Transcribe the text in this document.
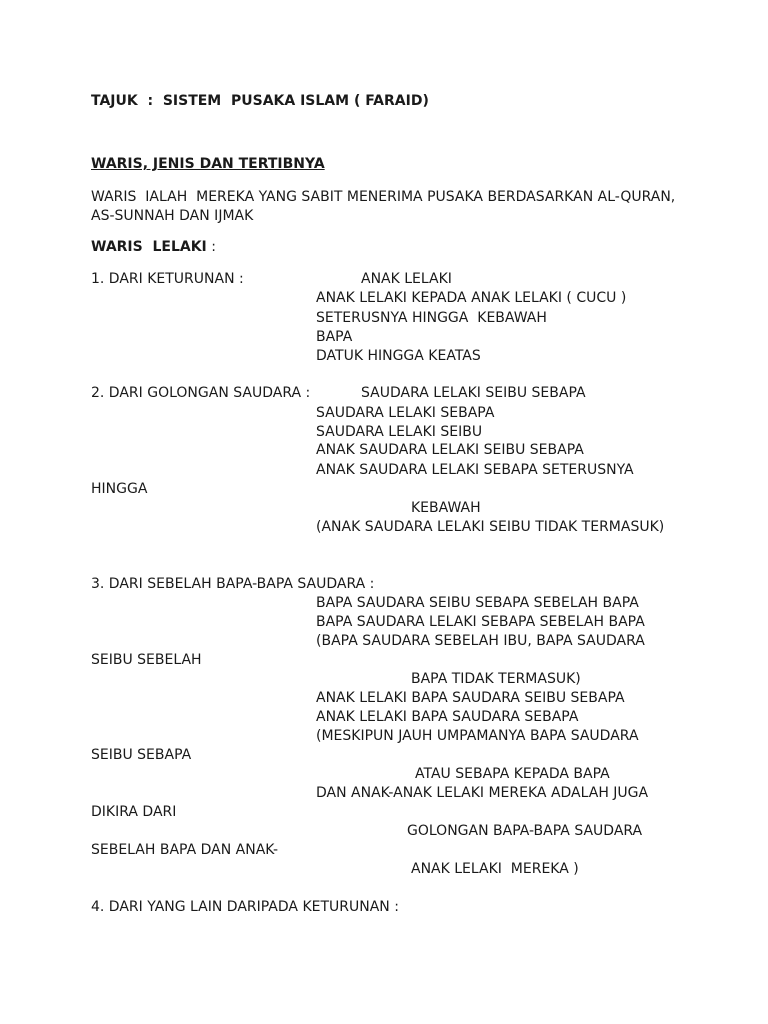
TAJUK  :  SISTEM  PUSAKA ISLAM ( FARAID)
WARIS, JENIS DAN TERTIBNYA
WARIS  IALAH  MEREKA YANG SABIT MENERIMA PUSAKA BERDASARKAN AL-QURAN,
AS-SUNNAH DAN IJMAK
WARIS  LELAKI :
1. DARI KETURUNAN :	ANAK LELAKI
ANAK LELAKI KEPADA ANAK LELAKI ( CUCU )
SETERUSNYA HINGGA  KEBAWAH
BAPA
DATUK HINGGA KEATAS
2. DARI GOLONGAN SAUDARA :	SAUDARA LELAKI SEIBU SEBAPA
SAUDARA LELAKI SEBAPA
SAUDARA LELAKI SEIBU
ANAK SAUDARA LELAKI SEIBU SEBAPA
ANAK SAUDARA LELAKI SEBAPA SETERUSNYA
HINGGA
KEBAWAH
(ANAK SAUDARA LELAKI SEIBU TIDAK TERMASUK)
3. DARI SEBELAH BAPA-BAPA SAUDARA :
BAPA SAUDARA SEIBU SEBAPA SEBELAH BAPA
BAPA SAUDARA LELAKI SEBAPA SEBELAH BAPA
(BAPA SAUDARA SEBELAH IBU, BAPA SAUDARA
SEIBU SEBELAH
BAPA TIDAK TERMASUK)
ANAK LELAKI BAPA SAUDARA SEIBU SEBAPA
ANAK LELAKI BAPA SAUDARA SEBAPA
(MESKIPUN JAUH UMPAMANYA BAPA SAUDARA
SEIBU SEBAPA
ATAU SEBAPA KEPADA BAPA
DAN ANAK-ANAK LELAKI MEREKA ADALAH JUGA
DIKIRA DARI
GOLONGAN BAPA-BAPA SAUDARA
SEBELAH BAPA DAN ANAK-
ANAK LELAKI  MEREKA )
4. DARI YANG LAIN DARIPADA KETURUNAN :
